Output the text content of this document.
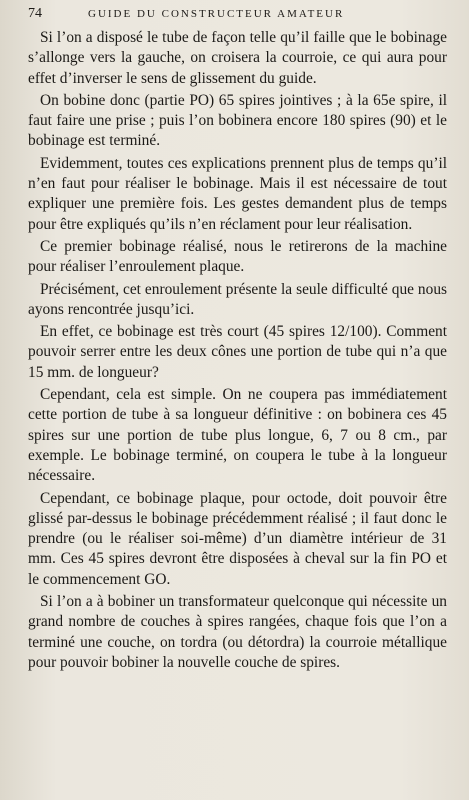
74	GUIDE DU CONSTRUCTEUR AMATEUR

Si l’on a disposé le tube de façon telle qu’il faille que le bobinage s’allonge vers la gauche, on croisera la courroie, ce qui aura pour effet d’inverser le sens de glissement du guide.

On bobine donc (partie PO) 65 spires jointives ; à la 65e spire, il faut faire une prise ; puis l’on bobinera encore 180 spires (90) et le bobinage est terminé.

Evidemment, toutes ces explications prennent plus de temps qu’il n’en faut pour réaliser le bobinage. Mais il est nécessaire de tout expliquer une première fois. Les gestes demandent plus de temps pour être expliqués qu’ils n’en réclament pour leur réalisation.

Ce premier bobinage réalisé, nous le retirerons de la machine pour réaliser l’enroulement plaque.

Précisément, cet enroulement présente la seule difficulté que nous ayons rencontrée jusqu’ici.

En effet, ce bobinage est très court (45 spires 12/100). Comment pouvoir serrer entre les deux cônes une portion de tube qui n’a que 15 mm. de longueur?

Cependant, cela est simple. On ne coupera pas immédiatement cette portion de tube à sa longueur définitive : on bobinera ces 45 spires sur une portion de tube plus longue, 6, 7 ou 8 cm., par exemple. Le bobinage terminé, on coupera le tube à la longueur nécessaire.

Cependant, ce bobinage plaque, pour octode, doit pouvoir être glissé par-dessus le bobinage précédemment réalisé ; il faut donc le prendre (ou le réaliser soi-même) d’un diamètre intérieur de 31 mm. Ces 45 spires devront être disposées à cheval sur la fin PO et le commencement GO.

Si l’on a à bobiner un transformateur quelconque qui nécessite un grand nombre de couches à spires rangées, chaque fois que l’on a terminé une couche, on tordra (ou détordra) la courroie métallique pour pouvoir bobiner la nouvelle couche de spires.
